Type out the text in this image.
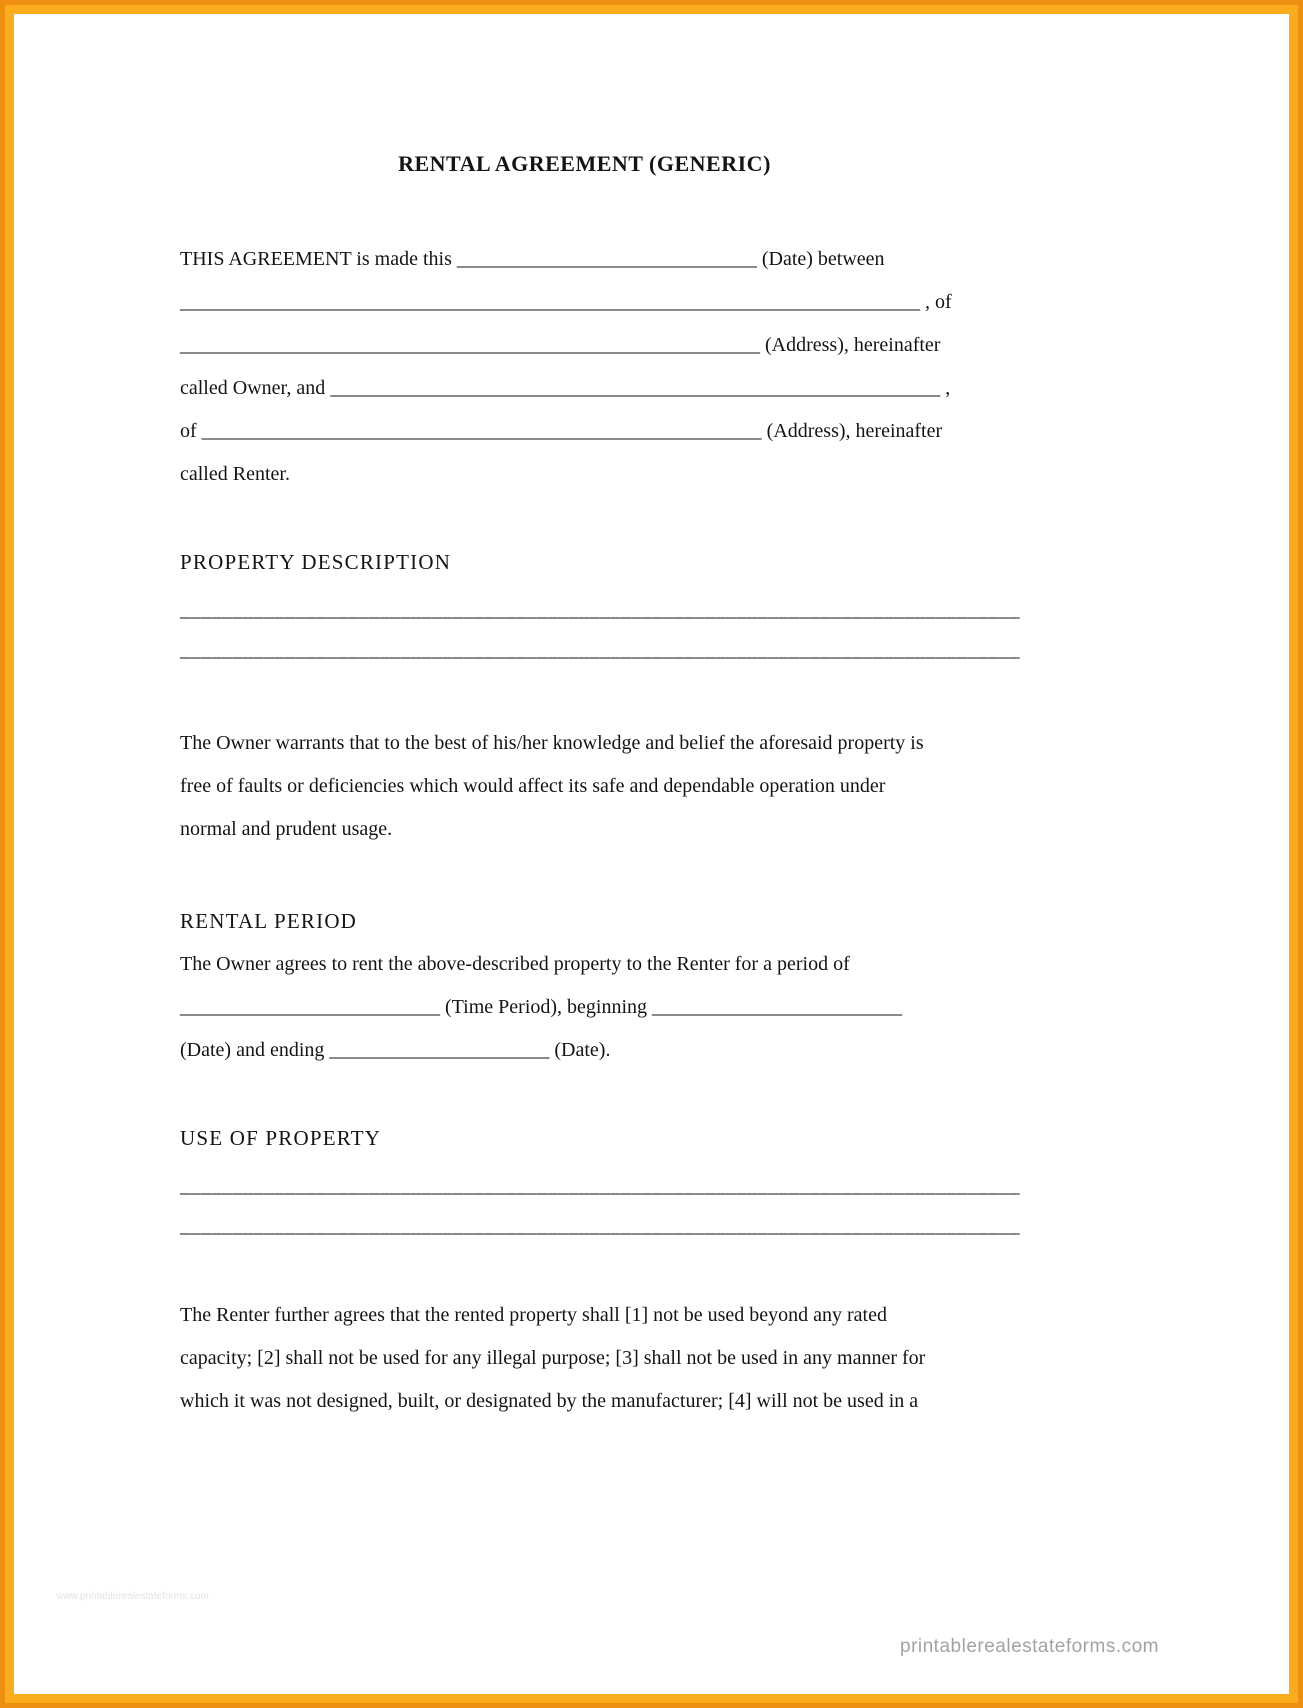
RENTAL AGREEMENT (GENERIC)
THIS AGREEMENT is made this ______________________________ (Date) between
__________________________________________________________________________ , of
__________________________________________________________ (Address), hereinafter
called Owner, and _____________________________________________________________ ,
of ________________________________________________________ (Address), hereinafter
called Renter.
PROPERTY DESCRIPTION
________________________________________________________________________________
________________________________________________________________________________
The Owner warrants that to the best of his/her knowledge and belief the aforesaid property is
free of faults or deficiencies which would affect its safe and dependable operation under
normal and prudent usage.
RENTAL PERIOD
The Owner agrees to rent the above-described property to the Renter for a period of
__________________________ (Time Period), beginning _________________________
(Date) and ending ______________________ (Date).
USE OF PROPERTY
________________________________________________________________________________
________________________________________________________________________________
The Renter further agrees that the rented property shall [1] not be used beyond any rated
capacity; [2] shall not be used for any illegal purpose; [3] shall not be used in any manner for
which it was not designed, built, or designated by the manufacturer; [4] will not be used in a
www.printablerealestateforms.com
printablerealestateforms.com
